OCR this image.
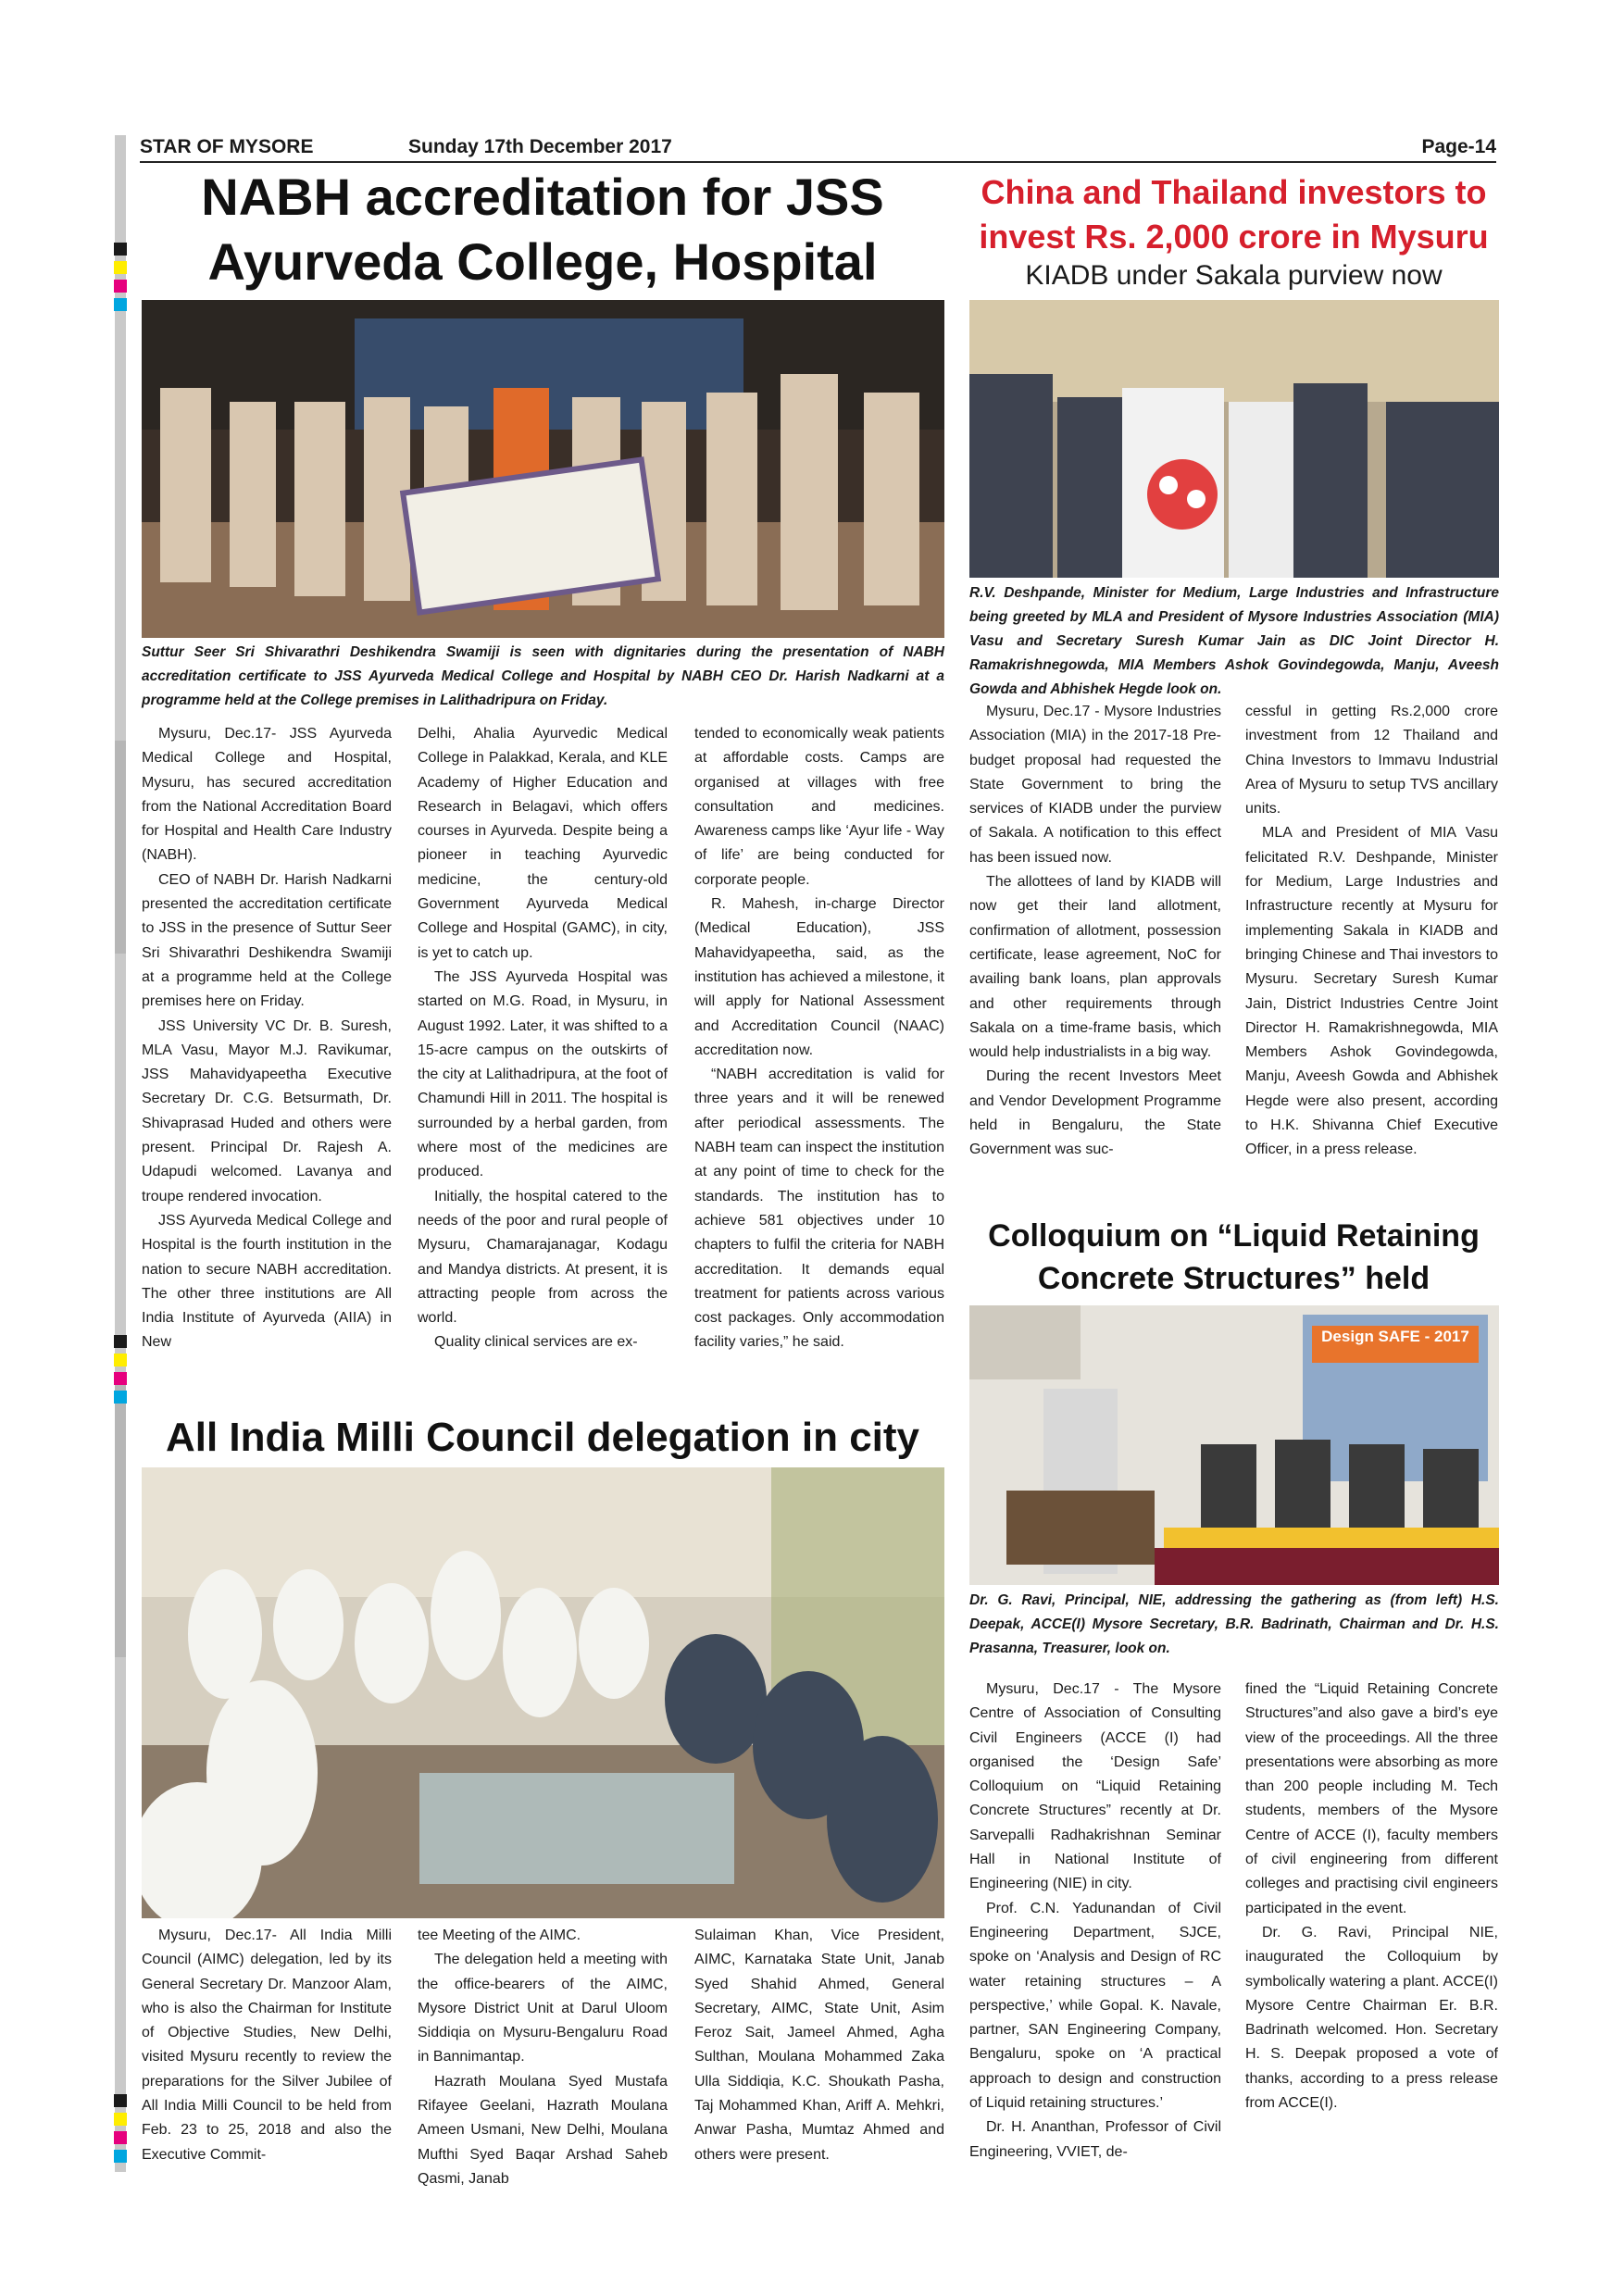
STAR OF MYSORE	Sunday 17th December 2017	Page-14
NABH accreditation for JSS
Ayurveda College, Hospital
Suttur Seer Sri Shivarathri Deshikendra Swamiji is seen with dignitaries during the presentation of NABH accreditation certificate to JSS Ayurveda Medical College and Hospital by NABH CEO Dr. Harish Nadkarni at a programme held at the College premises in Lalithadripura on Friday.

Mysuru, Dec.17- JSS Ayurveda Medical College and Hospital, Mysuru, has secured accreditation from the National Accreditation Board for Hospital and Health Care Industry (NABH).

CEO of NABH Dr. Harish Nadkarni presented the accreditation certificate to JSS in the presence of Suttur Seer Sri Shivarathri Deshikendra Swamiji at a programme held at the College premises here on Friday.

JSS University VC Dr. B. Suresh, MLA Vasu, Mayor M.J. Ravikumar, JSS Mahavidyapeetha Executive Secretary Dr. C.G. Betsurmath, Dr. Shivaprasad Huded and others were present. Principal Dr. Rajesh A. Udapudi welcomed. Lavanya and troupe rendered invocation.

JSS Ayurveda Medical College and Hospital is the fourth institution in the nation to secure NABH accreditation. The other three institutions are All India Institute of Ayurveda (AIIA) in New

Delhi, Ahalia Ayurvedic Medical College in Palakkad, Kerala, and KLE Academy of Higher Education and Research in Belagavi, which offers courses in Ayurveda. Despite being a pioneer in teaching Ayurvedic medicine, the century-old Government Ayurveda Medical College and Hospital (GAMC), in city, is yet to catch up.

The JSS Ayurveda Hospital was started on M.G. Road, in Mysuru, in August 1992. Later, it was shifted to a 15-acre campus on the outskirts of the city at Lalithadripura, at the foot of Chamundi Hill in 2011. The hospital is surrounded by a herbal garden, from where most of the medicines are produced.

Initially, the hospital catered to the needs of the poor and rural people of Mysuru, Chamarajanagar, Kodagu and Mandya districts. At present, it is attracting people from across the world.

Quality clinical services are ex-

tended to economically weak patients at affordable costs. Camps are organised at villages with free consultation and medicines. Awareness camps like ‘Ayur life - Way of life’ are being conducted for corporate people.

R. Mahesh, in-charge Director (Medical Education), JSS Mahavidyapeetha, said, as the institution has achieved a milestone, it will apply for National Assessment and Accreditation Council (NAAC) accreditation now.

“NABH accreditation is valid for three years and it will be renewed after periodical assessments. The NABH team can inspect the institution at any point of time to check for the standards. The institution has to achieve 581 objectives under 10 chapters to fulfil the criteria for NABH accreditation. It demands equal treatment for patients across various cost packages. Only accommodation facility varies,” he said.

China and Thailand investors to
invest Rs. 2,000 crore in Mysuru
KIADB under Sakala purview now
R.V. Deshpande, Minister for Medium, Large Industries and Infrastructure being greeted by MLA and President of Mysore Industries Association (MIA) Vasu and Secretary Suresh Kumar Jain as DIC Joint Director H. Ramakrishnegowda, MIA Members Ashok Govindegowda, Manju, Aveesh Gowda and Abhishek Hegde look on.

Mysuru, Dec.17 - Mysore Industries Association (MIA) in the 2017-18 Pre-budget proposal had requested the State Government to bring the services of KIADB under the purview of Sakala. A notification to this effect has been issued now.

The allottees of land by KIADB will now get their land allotment, confirmation of allotment, possession certificate, lease agreement, NoC for availing bank loans, plan approvals and other requirements through Sakala on a time-frame basis, which would help industrialists in a big way.

During the recent Investors Meet and Vendor Development Programme held in Bengaluru, the State Government was suc-

cessful in getting Rs.2,000 crore investment from 12 Thailand and China Investors to Immavu Industrial Area of Mysuru to setup TVS ancillary units.

MLA and President of MIA Vasu felicitated R.V. Deshpande, Minister for Medium, Large Industries and Infrastructure recently at Mysuru for implementing Sakala in KIADB and bringing Chinese and Thai investors to Mysuru. Secretary Suresh Kumar Jain, District Industries Centre Joint Director H. Ramakrishnegowda, MIA Members Ashok Govindegowda, Manju, Aveesh Gowda and Abhishek Hegde were also present, according to H.K. Shivanna Chief Executive Officer, in a press release.

Colloquium on “Liquid Retaining
Concrete Structures” held
Design SAFE - 2017
Dr. G. Ravi, Principal, NIE, addressing the gathering as (from left) H.S. Deepak, ACCE(I) Mysore Secretary, B.R. Badrinath, Chairman and Dr. H.S. Prasanna, Treasurer, look on.

Mysuru, Dec.17 - The Mysore Centre of Association of Consulting Civil Engineers (ACCE (I) had organised the ‘Design Safe’ Colloquium on “Liquid Retaining Concrete Structures” recently at Dr. Sarvepalli Radhakrishnan Seminar Hall in National Institute of Engineering (NIE) in city.

Prof. C.N. Yadunandan of Civil Engineering Department, SJCE, spoke on ‘Analysis and Design of RC water retaining structures – A perspective,’ while Gopal. K. Navale, partner, SAN Engineering Company, Bengaluru, spoke on ‘A practical approach to design and construction of Liquid retaining structures.’

Dr. H. Ananthan, Professor of Civil Engineering, VVIET, de-

fined the “Liquid Retaining Concrete Structures”and also gave a bird’s eye view of the proceedings. All the three presentations were absorbing as more than 200 people including M. Tech students, members of the Mysore Centre of ACCE (I), faculty members of civil engineering from different colleges and practising civil engineers participated in the event.

Dr. G. Ravi, Principal NIE, inaugurated the Colloquium by symbolically watering a plant. ACCE(I) Mysore Centre Chairman Er. B.R. Badrinath welcomed. Hon. Secretary H. S. Deepak proposed a vote of thanks, according to a press release from ACCE(I).

All India Milli Council delegation in city

Mysuru, Dec.17- All India Milli Council (AIMC) delegation, led by its General Secretary Dr. Manzoor Alam, who is also the Chairman for Institute of Objective Studies, New Delhi, visited Mysuru recently to review the preparations for the Silver Jubilee of All India Milli Council to be held from Feb. 23 to 25, 2018 and also the Executive Commit-

tee Meeting of the AIMC.

The delegation held a meeting with the office-bearers of the AIMC, Mysore District Unit at Darul Uloom Siddiqia on Mysuru-Bengaluru Road in Bannimantap.

Hazrath Moulana Syed Mustafa Rifayee Geelani, Hazrath Moulana Ameen Usmani, New Delhi, Moulana Mufthi Syed Baqar Arshad Saheb Qasmi, Janab

Sulaiman Khan, Vice President, AIMC, Karnataka State Unit, Janab Syed Shahid Ahmed, General Secretary, AIMC, State Unit, Asim Feroz Sait, Jameel Ahmed, Agha Sulthan, Moulana Mohammed Zaka Ulla Siddiqia, K.C. Shoukath Pasha, Taj Mohammed Khan, Ariff A. Mehkri, Anwar Pasha, Mumtaz Ahmed and others were present.
